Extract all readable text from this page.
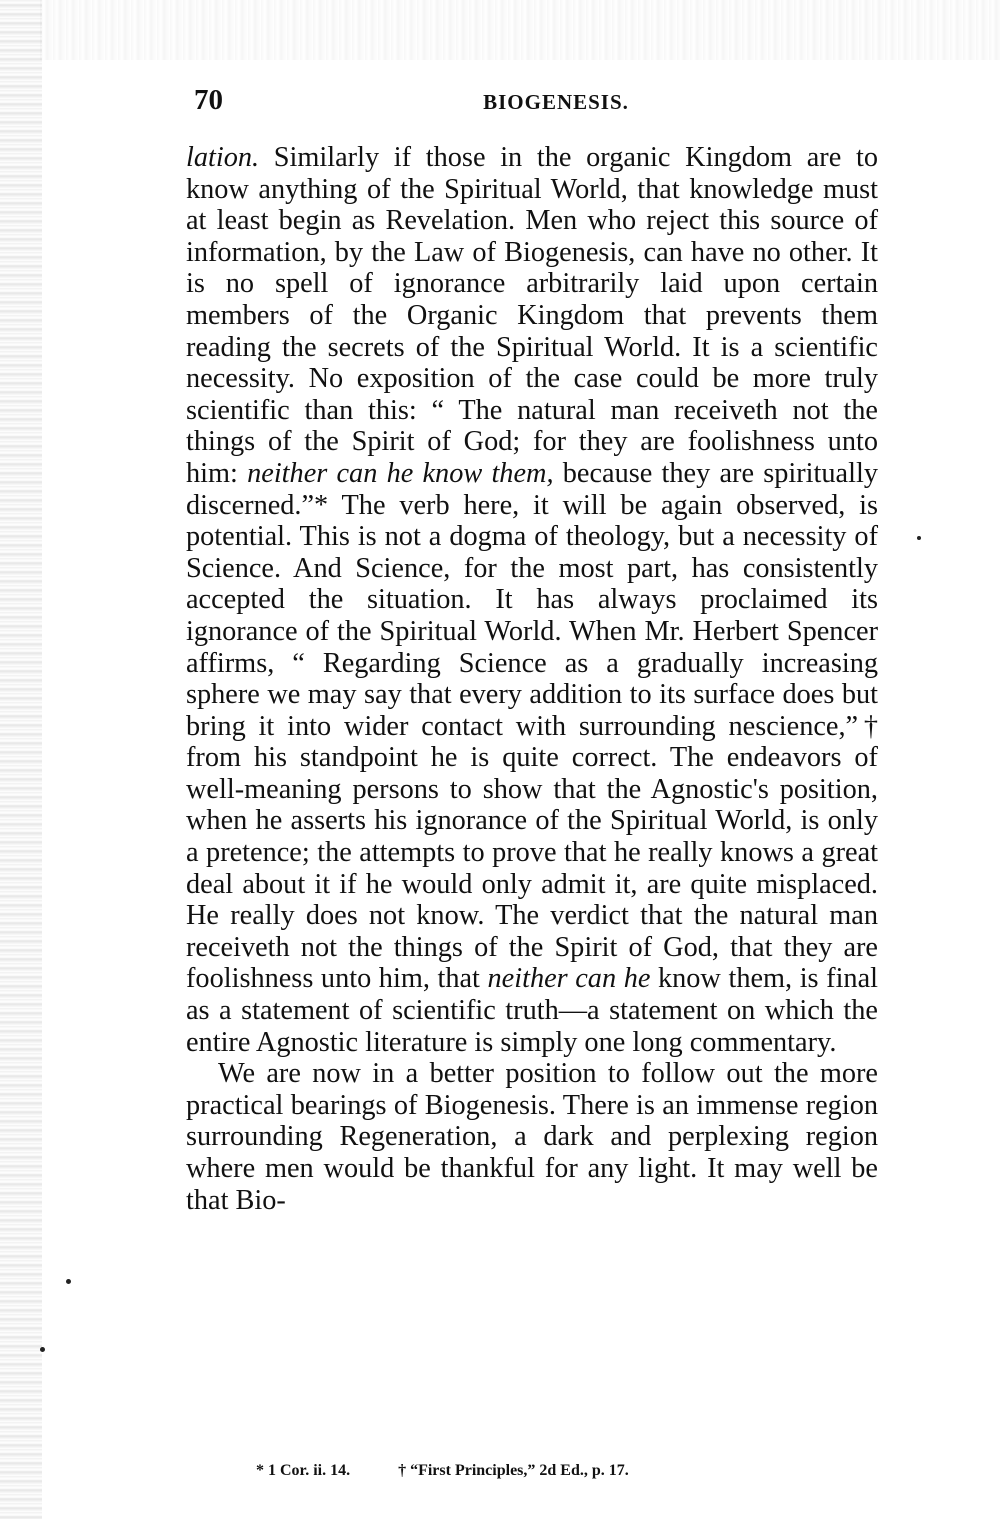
70	BIOGENESIS.

lation. Similarly if those in the organic Kingdom are to know anything of the Spiritual World, that knowledge must at least begin as Revelation. Men who reject this source of information, by the Law of Biogenesis, can have no other. It is no spell of ignorance arbitrarily laid upon certain members of the Organic Kingdom that prevents them reading the secrets of the Spiritual World. It is a scientific necessity. No exposition of the case could be more truly scientific than this: “ The natural man receiveth not the things of the Spirit of God; for they are foolishness unto him: neither can he know them, because they are spiritually discerned.”* The verb here, it will be again observed, is potential. This is not a dogma of theology, but a necessity of Science. And Science, for the most part, has consistently accepted the situation. It has always proclaimed its ignorance of the Spiritual World. When Mr. Herbert Spencer affirms, “ Regarding Science as a gradually increasing sphere we may say that every addition to its surface does but bring it into wider contact with surrounding nescience,”† from his standpoint he is quite correct. The endeavors of well-meaning persons to show that the Agnostic's position, when he asserts his ignorance of the Spiritual World, is only a pretence; the attempts to prove that he really knows a great deal about it if he would only admit it, are quite misplaced. He really does not know. The verdict that the natural man receiveth not the things of the Spirit of God, that they are foolishness unto him, that neither can he know them, is final as a statement of scientific truth—a statement on which the entire Agnostic literature is simply one long commentary.

We are now in a better position to follow out the more practical bearings of Biogenesis. There is an immense region surrounding Regeneration, a dark and perplexing region where men would be thankful for any light. It may well be that Bio-

* 1 Cor. ii. 14.	† “First Principles,” 2d Ed., p. 17.
